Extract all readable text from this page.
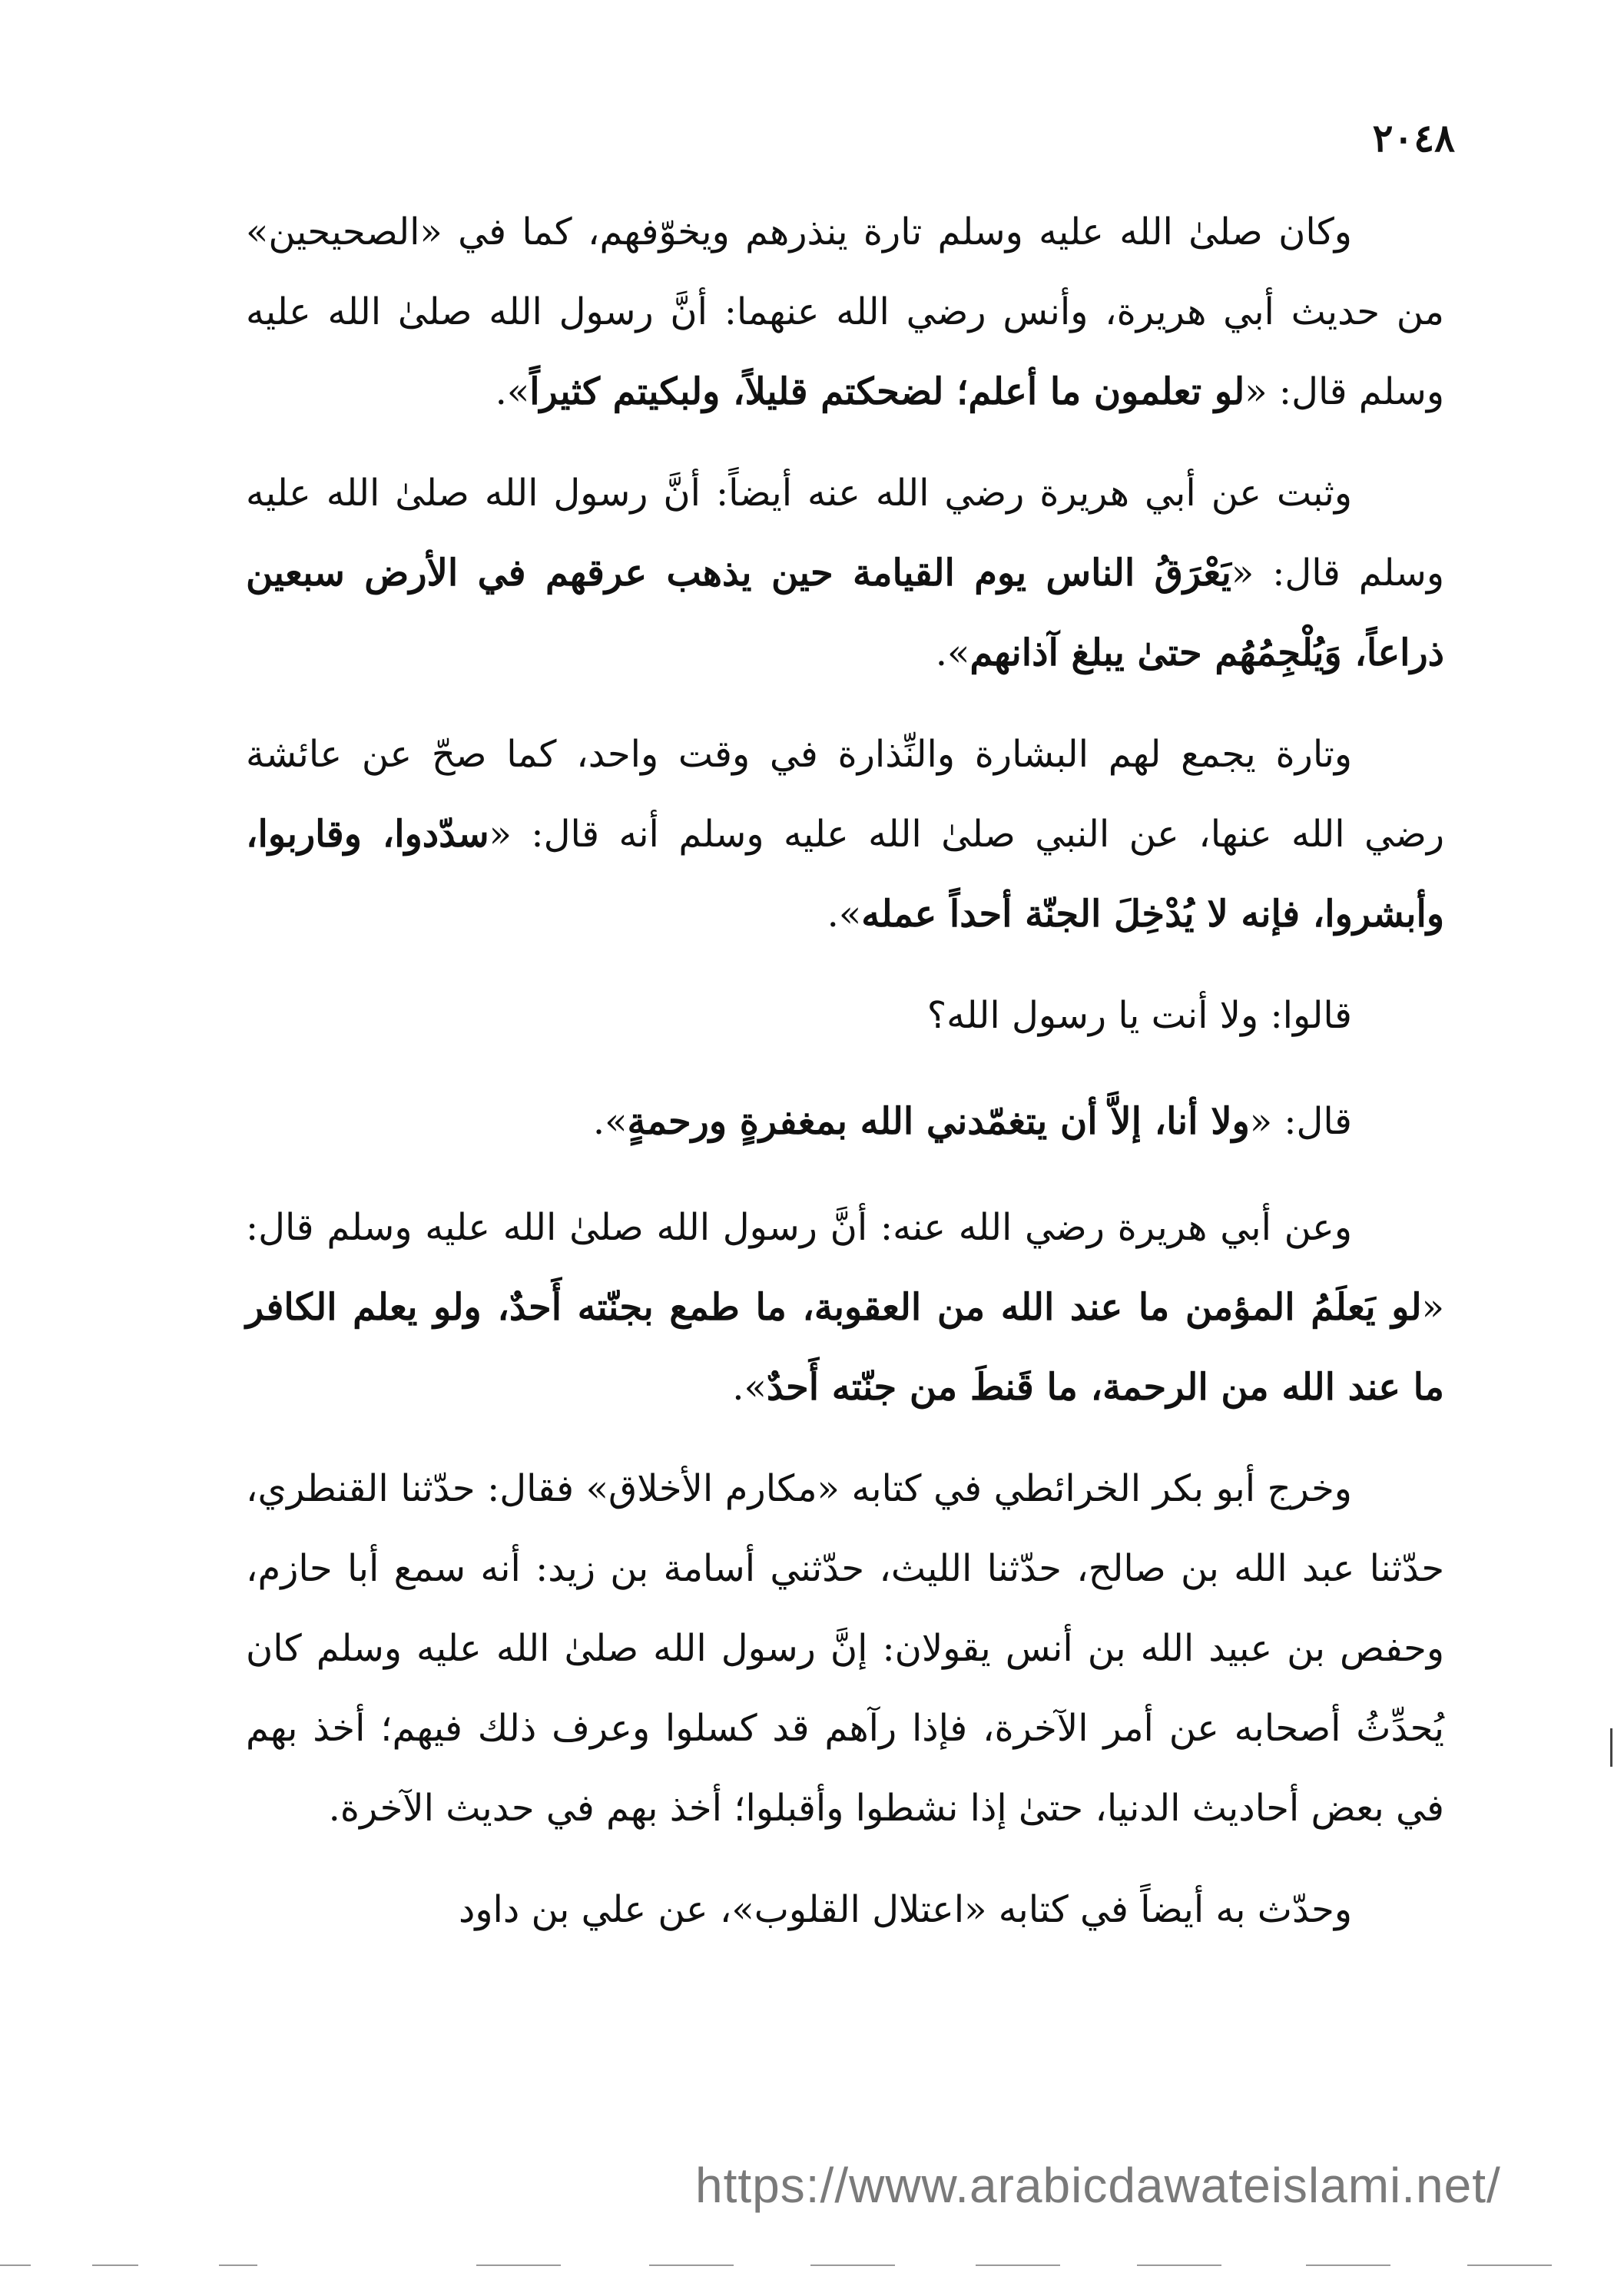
٢٠٤٨

وكان صلىٰ الله عليه وسلم تارة ينذرهم ويخوّفهم، كما في «الصحيحين» من حديث أبي هريرة، وأنس رضي الله عنهما: أنَّ رسول الله صلىٰ الله عليه وسلم قال: «لو تعلمون ما أعلم؛ لضحكتم قليلاً، ولبكيتم كثيراً».

وثبت عن أبي هريرة رضي الله عنه أيضاً: أنَّ رسول الله صلىٰ الله عليه وسلم قال: «يَعْرَقُ الناس يوم القيامة حين يذهب عرقهم في الأرض سبعين ذراعاً، وَيُلْجِمُهُم حتىٰ يبلغ آذانهم».

وتارة يجمع لهم البشارة والنِّذارة في وقت واحد، كما صحّ عن عائشة رضي الله عنها، عن النبي صلىٰ الله عليه وسلم أنه قال: «سدّدوا، وقاربوا، وأبشروا، فإنه لا يُدْخِلَ الجنّة أحداً عمله».

قالوا: ولا أنت يا رسول الله؟

قال: «ولا أنا، إلاَّ أن يتغمّدني الله بمغفرةٍ ورحمةٍ».

وعن أبي هريرة رضي الله عنه: أنَّ رسول الله صلىٰ الله عليه وسلم قال: «لو يَعلَمُ المؤمن ما عند الله من العقوبة، ما طمع بجنّته أَحدٌ، ولو يعلم الكافر ما عند الله من الرحمة، ما قَنطَ من جنّته أَحدٌ».

وخرج أبو بكر الخرائطي في كتابه «مكارم الأخلاق» فقال: حدّثنا القنطري، حدّثنا عبد الله بن صالح، حدّثنا الليث، حدّثني أسامة بن زيد: أنه سمع أبا حازم، وحفص بن عبيد الله بن أنس يقولان: إنَّ رسول الله صلىٰ الله عليه وسلم كان يُحدِّثُ أصحابه عن أمر الآخرة، فإذا رآهم قد كسلوا وعرف ذلك فيهم؛ أخذ بهم في بعض أحاديث الدنيا، حتىٰ إذا نشطوا وأقبلوا؛ أخذ بهم في حديث الآخرة.

وحدّث به أيضاً في كتابه «اعتلال القلوب»، عن علي بن داود

https://www.arabicdawateislami.net/
